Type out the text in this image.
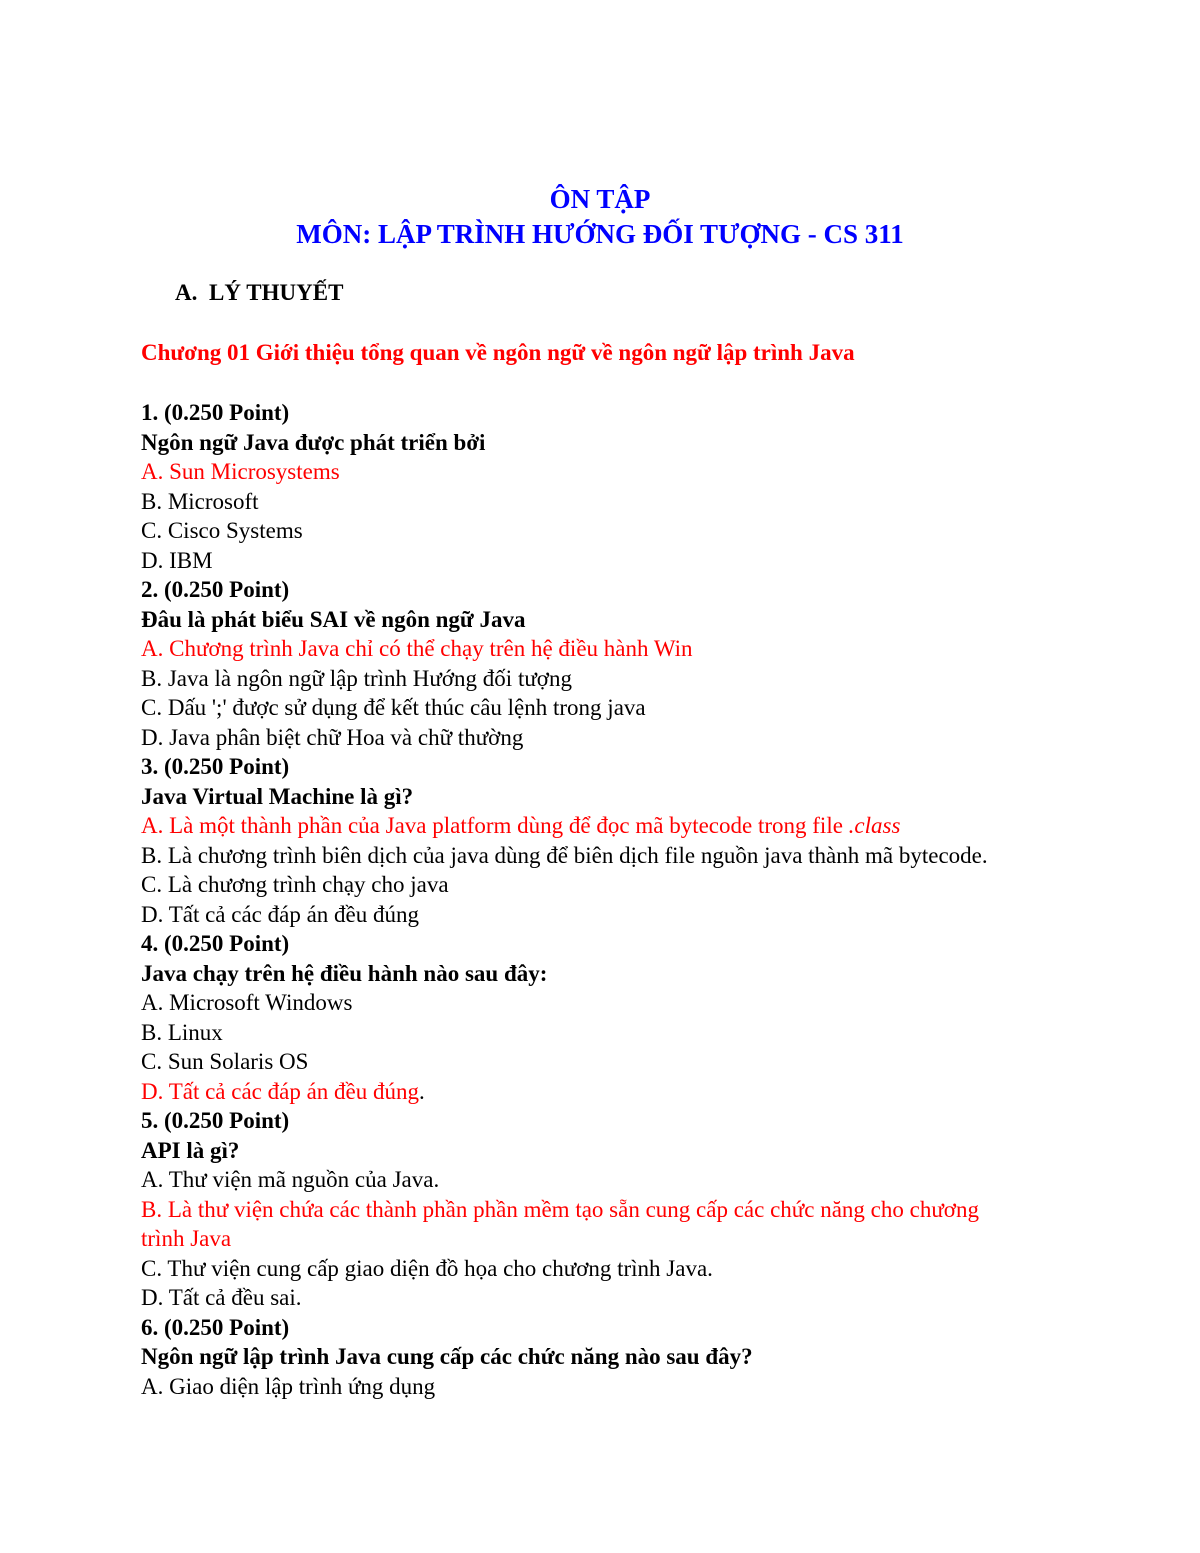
ÔN TẬP
MÔN: LẬP TRÌNH HƯỚNG ĐỐI TƯỢNG - CS 311
A. LÝ THUYẾT
Chương 01 Giới thiệu tổng quan về ngôn ngữ về ngôn ngữ lập trình Java
1. (0.250 Point)
Ngôn ngữ Java được phát triển bởi
A. Sun Microsystems
B. Microsoft
C. Cisco Systems
D. IBM
2. (0.250 Point)
Đâu là phát biểu SAI về ngôn ngữ Java
A. Chương trình Java chỉ có thể chạy trên hệ điều hành Win
B. Java là ngôn ngữ lập trình Hướng đối tượng
C. Dấu ';' được sử dụng để kết thúc câu lệnh trong java
D. Java phân biệt chữ Hoa và chữ thường
3. (0.250 Point)
Java Virtual Machine là gì?
A. Là một thành phần của Java platform dùng để đọc mã bytecode trong file .class
B. Là chương trình biên dịch của java dùng để biên dịch file nguồn java thành mã bytecode.
C. Là chương trình chạy cho java
D. Tất cả các đáp án đều đúng
4. (0.250 Point)
Java chạy trên hệ điều hành nào sau đây:
A. Microsoft Windows
B. Linux
C. Sun Solaris OS
D. Tất cả các đáp án đều đúng.
5. (0.250 Point)
API là gì?
A. Thư viện mã nguồn của Java.
B. Là thư viện chứa các thành phần phần mềm tạo sẵn cung cấp các chức năng cho chương trình Java
C. Thư viện cung cấp giao diện đồ họa cho chương trình Java.
D. Tất cả đều sai.
6. (0.250 Point)
Ngôn ngữ lập trình Java cung cấp các chức năng nào sau đây?
A. Giao diện lập trình ứng dụng
